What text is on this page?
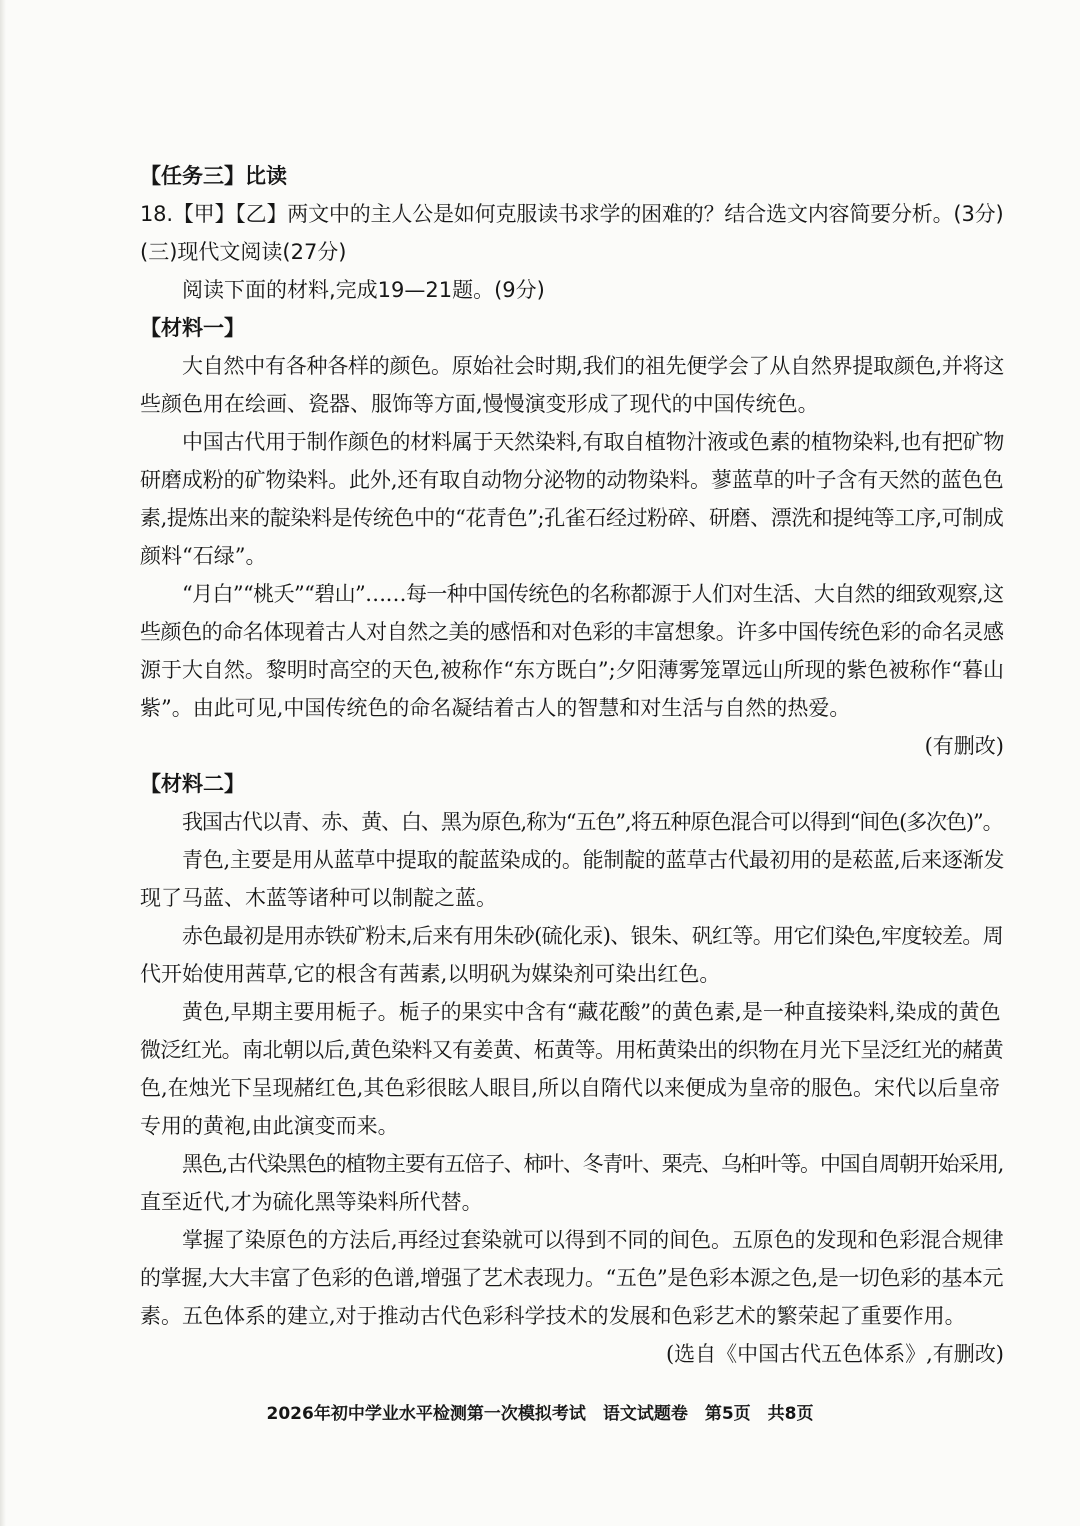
【任务三】比读
18.【甲】【乙】两文中的主人公是如何克服读书求学的困难的？结合选文内容简要分析。(3分)
(三)现代文阅读(27分)
阅读下面的材料,完成19—21题。(9分)
【材料一】
大自然中有各种各样的颜色。原始社会时期,我们的祖先便学会了从自然界提取颜色,并将这
些颜色用在绘画、瓷器、服饰等方面,慢慢演变形成了现代的中国传统色。
中国古代用于制作颜色的材料属于天然染料,有取自植物汁液或色素的植物染料,也有把矿物
研磨成粉的矿物染料。此外,还有取自动物分泌物的动物染料。蓼蓝草的叶子含有天然的蓝色色
素,提炼出来的靛染料是传统色中的“花青色”;孔雀石经过粉碎、研磨、漂洗和提纯等工序,可制成
颜料“石绿”。
“月白”“桃夭”“碧山”……每一种中国传统色的名称都源于人们对生活、大自然的细致观察,这
些颜色的命名体现着古人对自然之美的感悟和对色彩的丰富想象。许多中国传统色彩的命名灵感
源于大自然。黎明时高空的天色,被称作“东方既白”;夕阳薄雾笼罩远山所现的紫色被称作“暮山
紫”。由此可见,中国传统色的命名凝结着古人的智慧和对生活与自然的热爱。
(有删改)
【材料二】
我国古代以青、赤、黄、白、黑为原色,称为“五色”,将五种原色混合可以得到“间色(多次色)”。
青色,主要是用从蓝草中提取的靛蓝染成的。能制靛的蓝草古代最初用的是菘蓝,后来逐渐发
现了马蓝、木蓝等诸种可以制靛之蓝。
赤色最初是用赤铁矿粉末,后来有用朱砂(硫化汞)、银朱、矾红等。用它们染色,牢度较差。周
代开始使用茜草,它的根含有茜素,以明矾为媒染剂可染出红色。
黄色,早期主要用栀子。栀子的果实中含有“藏花酸”的黄色素,是一种直接染料,染成的黄色
微泛红光。南北朝以后,黄色染料又有姜黄、柘黄等。用柘黄染出的织物在月光下呈泛红光的赭黄
色,在烛光下呈现赭红色,其色彩很眩人眼目,所以自隋代以来便成为皇帝的服色。宋代以后皇帝
专用的黄袍,由此演变而来。
黑色,古代染黑色的植物主要有五倍子、柿叶、冬青叶、栗壳、乌桕叶等。中国自周朝开始采用,
直至近代,才为硫化黑等染料所代替。
掌握了染原色的方法后,再经过套染就可以得到不同的间色。五原色的发现和色彩混合规律
的掌握,大大丰富了色彩的色谱,增强了艺术表现力。“五色”是色彩本源之色,是一切色彩的基本元
素。五色体系的建立,对于推动古代色彩科学技术的发展和色彩艺术的繁荣起了重要作用。
(选自《中国古代五色体系》,有删改)
2026年初中学业水平检测第一次模拟考试　语文试题卷　第5页　共8页
